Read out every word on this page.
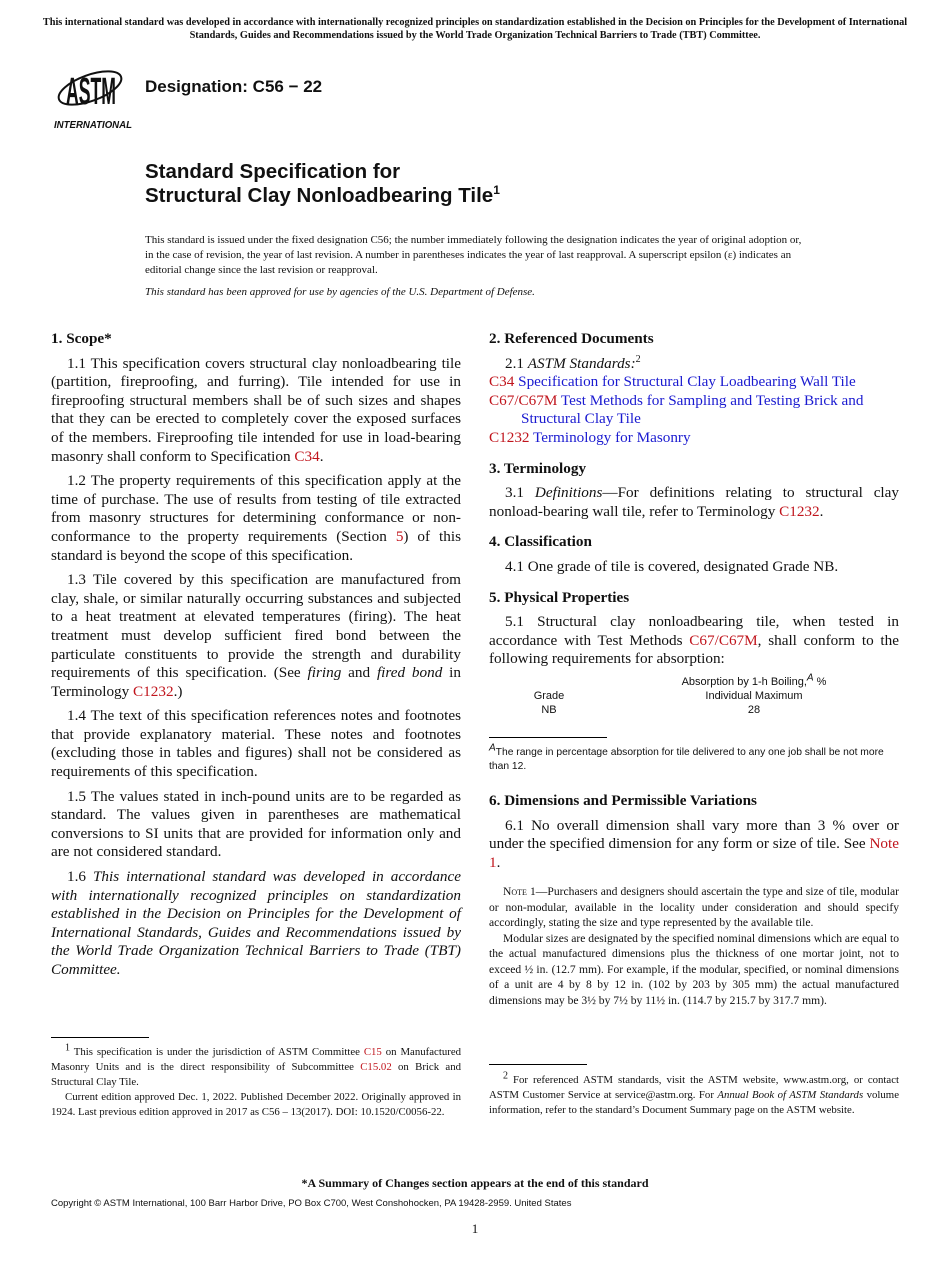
This international standard was developed in accordance with internationally recognized principles on standardization established in the Decision on Principles for the Development of International Standards, Guides and Recommendations issued by the World Trade Organization Technical Barriers to Trade (TBT) Committee.
ASTM
INTERNATIONAL
Designation: C56 − 22
Standard Specification for
Structural Clay Nonloadbearing Tile$^1$
This standard is issued under the fixed designation C56; the number immediately following the designation indicates the year of original adoption or, in the case of revision, the year of last revision. A number in parentheses indicates the year of last reapproval. A superscript epsilon (ε) indicates an editorial change since the last revision or reapproval.
This standard has been approved for use by agencies of the U.S. Department of Defense.
1. Scope*

1.1 This specification covers structural clay nonloadbearing tile (partition, fireproofing, and furring). Tile intended for use in fireproofing structural members shall be of such sizes and shapes that they can be erected to completely cover the exposed surfaces of the members. Fireproofing tile intended for use in load-bearing masonry shall conform to Specification C34.

1.2 The property requirements of this specification apply at the time of purchase. The use of results from testing of tile extracted from masonry structures for determining conformance or non-conformance to the property requirements (Section 5) of this standard is beyond the scope of this specification.

1.3 Tile covered by this specification are manufactured from clay, shale, or similar naturally occurring substances and subjected to a heat treatment at elevated temperatures (firing). The heat treatment must develop sufficient fired bond between the particulate constituents to provide the strength and durability requirements of this specification. (See firing and fired bond in Terminology C1232.)

1.4 The text of this specification references notes and footnotes that provide explanatory material. These notes and footnotes (excluding those in tables and figures) shall not be considered as requirements of this specification.

1.5 The values stated in inch-pound units are to be regarded as standard. The values given in parentheses are mathematical conversions to SI units that are provided for information only and are not considered standard.

1.6 This international standard was developed in accordance with internationally recognized principles on standardization established in the Decision on Principles for the Development of International Standards, Guides and Recommendations issued by the World Trade Organization Technical Barriers to Trade (TBT) Committee.

2. Referenced Documents

2.1 ASTM Standards:$^2$

C34 Specification for Structural Clay Loadbearing Wall Tile

C67/C67M Test Methods for Sampling and Testing Brick and Structural Clay Tile

C1232 Terminology for Masonry

3. Terminology

3.1 Definitions—For definitions relating to structural clay nonload-bearing wall tile, refer to Terminology C1232.

4. Classification

4.1 One grade of tile is covered, designated Grade NB.

5. Physical Properties

5.1 Structural clay nonloadbearing tile, when tested in accordance with Test Methods C67/C67M, shall conform to the following requirements for absorption:

Absorption by 1-h Boiling,$^A$ %
Grade	Individual Maximum
NB	28

$^A$The range in percentage absorption for tile delivered to any one job shall be not more than 12.

6. Dimensions and Permissible Variations

6.1 No overall dimension shall vary more than 3 % over or under the specified dimension for any form or size of tile. See Note 1.

Note 1—Purchasers and designers should ascertain the type and size of tile, modular or non-modular, available in the locality under consideration and should specify accordingly, stating the size and type represented by the available tile.

Modular sizes are designated by the specified nominal dimensions which are equal to the actual manufactured dimensions plus the thickness of one mortar joint, not to exceed ½ in. (12.7 mm). For example, if the modular, specified, or nominal dimensions of a unit are 4 by 8 by 12 in. (102 by 203 by 305 mm) the actual manufactured dimensions may be 3½ by 7½ by 11½ in. (114.7 by 215.7 by 317.7 mm).

$^1$ This specification is under the jurisdiction of ASTM Committee C15 on Manufactured Masonry Units and is the direct responsibility of Subcommittee C15.02 on Brick and Structural Clay Tile.

Current edition approved Dec. 1, 2022. Published December 2022. Originally approved in 1924. Last previous edition approved in 2017 as C56 – 13(2017). DOI: 10.1520/C0056-22.

$^2$ For referenced ASTM standards, visit the ASTM website, www.astm.org, or contact ASTM Customer Service at service@astm.org. For Annual Book of ASTM Standards volume information, refer to the standard’s Document Summary page on the ASTM website.

*A Summary of Changes section appears at the end of this standard
Copyright © ASTM International, 100 Barr Harbor Drive, PO Box C700, West Conshohocken, PA 19428-2959. United States
1
